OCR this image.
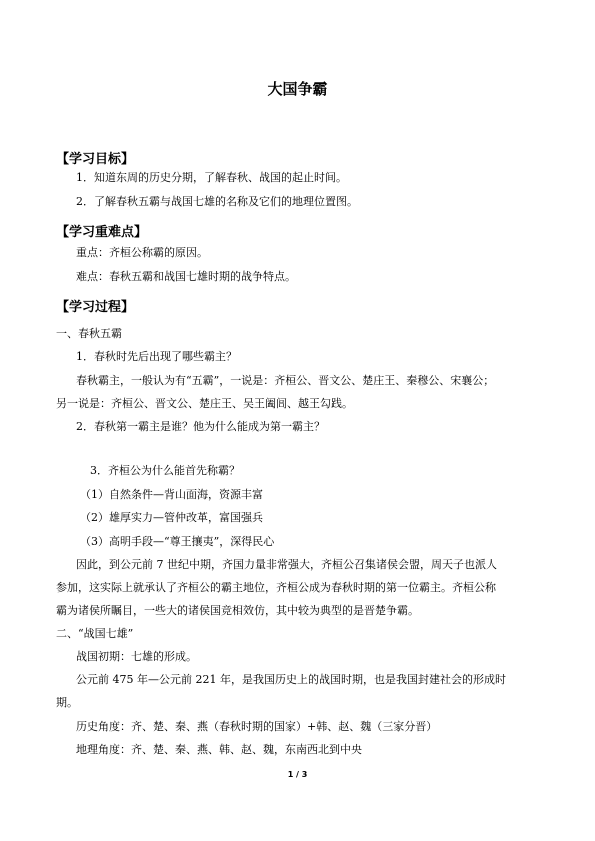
大国争霸
【学习目标】
1．知道东周的历史分期，了解春秋、战国的起止时间。
2．了解春秋五霸与战国七雄的名称及它们的地理位置图。
【学习重难点】
重点：齐桓公称霸的原因。
难点：春秋五霸和战国七雄时期的战争特点。
【学习过程】
一、春秋五霸
1．春秋时先后出现了哪些霸主？
春秋霸主，一般认为有“五霸”，一说是：齐桓公、晋文公、楚庄王、秦穆公、宋襄公；
另一说是：齐桓公、晋文公、楚庄王、吴王阖闾、越王勾践。
2．春秋第一霸主是谁？他为什么能成为第一霸主？
3．齐桓公为什么能首先称霸？
（1）自然条件—背山面海，资源丰富
（2）雄厚实力—管仲改革，富国强兵
（3）高明手段—“尊王攘夷”，深得民心
因此，到公元前 7 世纪中期，齐国力量非常强大，齐桓公召集诸侯会盟，周天子也派人
参加，这实际上就承认了齐桓公的霸主地位，齐桓公成为春秋时期的第一位霸主。齐桓公称
霸为诸侯所瞩目，一些大的诸侯国竞相效仿，其中较为典型的是晋楚争霸。
二、“战国七雄”
战国初期：七雄的形成。
公元前 475 年—公元前 221 年，是我国历史上的战国时期，也是我国封建社会的形成时
期。
历史角度：齐、楚、秦、燕（春秋时期的国家）+韩、赵、魏（三家分晋）
地理角度：齐、楚、秦、燕、韩、赵、魏，东南西北到中央
1 / 3
